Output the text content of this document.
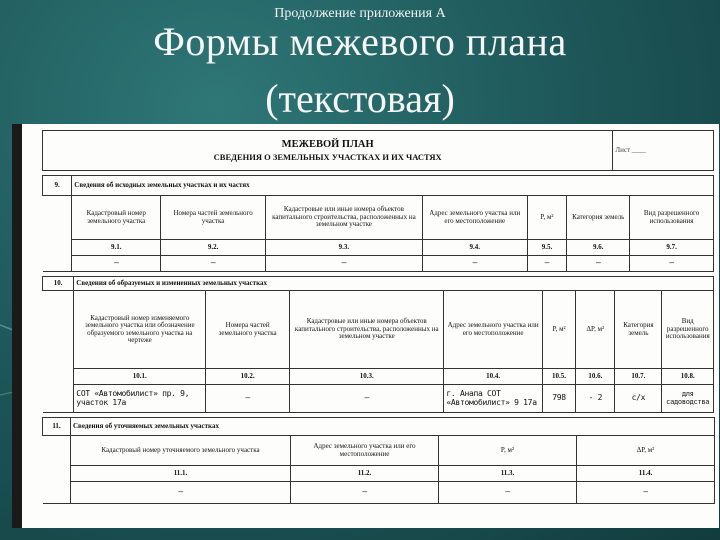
Продолжение приложения А
Формы межевого плана
(текстовая)
МЕЖЕВОЙ ПЛАН
СВЕДЕНИЯ О ЗЕМЕЛЬНЫХ УЧАСТКАХ И ИХ ЧАСТЯХ
	Лист ____
9.	Сведения об исходных земельных участках и их частях						
	Кадастровый номер земельного участка	Номера частей земельного участка	Кадастровые или иные номера объектов капитального строительства, расположенных на земельном участке	Адрес земельного участка или его местоположение	P, м²	Категория земель	Вид разрешенного использования
	9.1.	9.2.	9.3.	9.4.	9.5.	9.6.	9.7.
	—	—	—	—	—	—	—
10.	Сведения об образуемых и измененных земельных участках							
	Кадастровый номер изменяемого земельного участка или обозначение образуемого земельного участка на чертеже	Номера частей земельного участка	Кадастровые или иные номера объектов капитального строительства, расположенных на земельном участке	Адрес земельного участка или его местоположение	P, м²	ΔP, м²	Категория земель	Вид разрешенного использования
	10.1.	10.2.	10.3.	10.4.	10.5.	10.6.	10.7.	10.8.
	СОТ «Автомобилист» пр. 9, участок 17а	—	—	г. Анапа СОТ «Автомобилист» 9 17а	798	- 2	с/х	для садоводства
11.	Сведения об уточняемых земельных участках			
	Кадастровый номер уточняемого земельного участка	Адрес земельного участка или его местоположение	P, м²	ΔP, м²
	11.1.	11.2.	11.3.	11.4.
	—	—	—	—
